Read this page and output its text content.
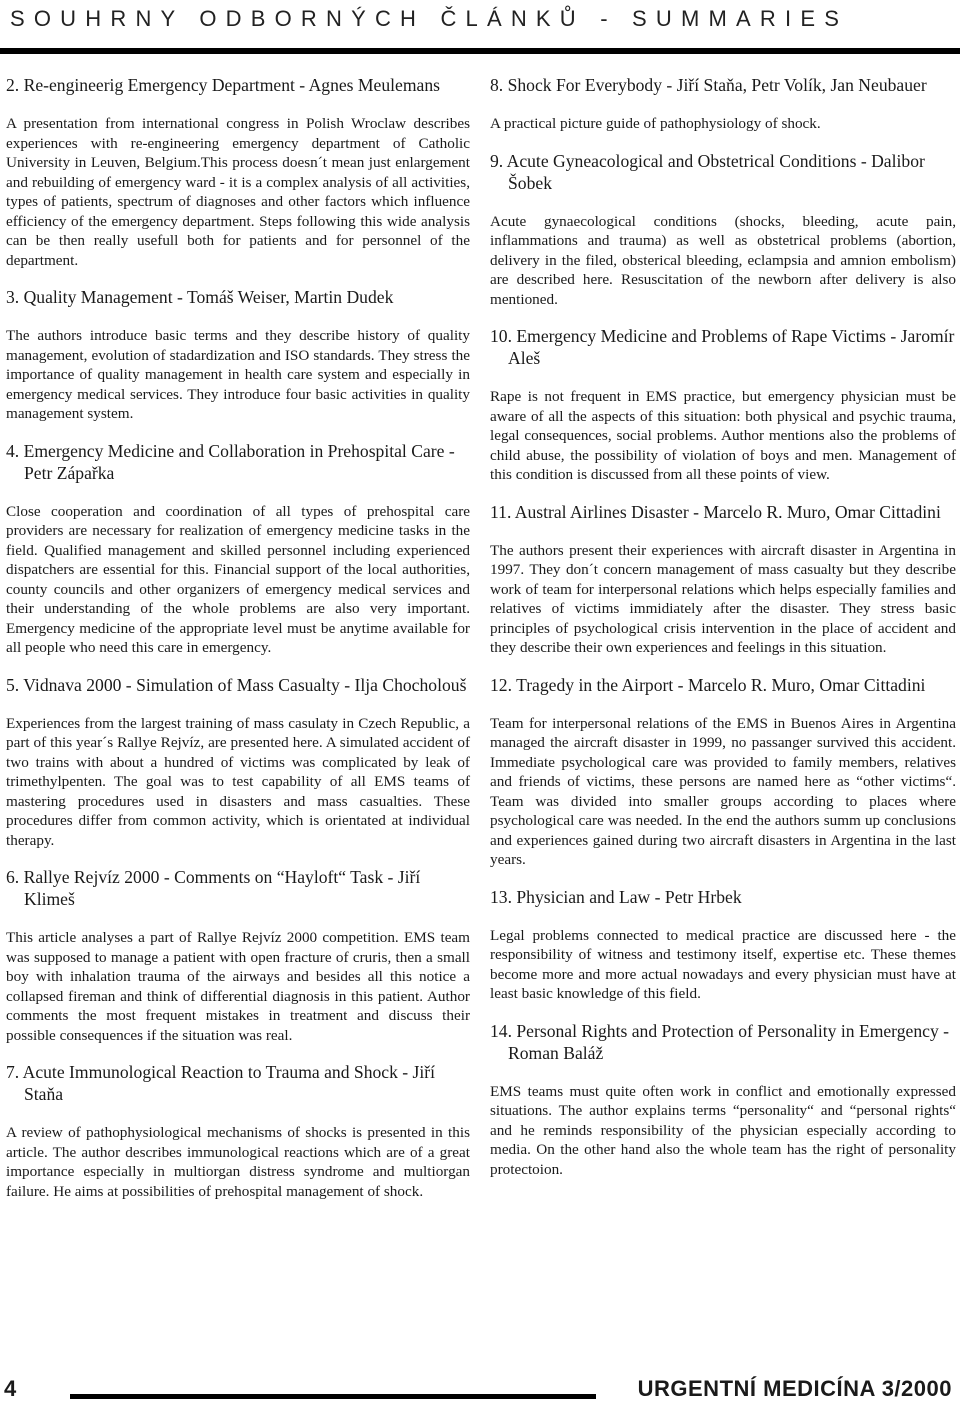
SOUHRNY ODBORNÝCH ČLÁNKŮ - SUMMARIES
2. Re-engineerig Emergency Department - Agnes Meulemans

A presentation from international congress in Polish Wroclaw describes experiences with re-engineering emergency department of Catholic University in Leuven, Belgium.This process doesn´t mean just enlargement and rebuilding of emergency ward - it is a complex analysis of all activities, types of patients, spectrum of diagnoses and other factors which influence efficiency of the emergency department. Steps following this wide analysis can be then really usefull both for patients and for personnel of the department.

3. Quality Management - Tomáš Weiser, Martin Dudek

The authors introduce basic terms and they describe history of quality management, evolution of stadardization and ISO standards. They stress the importance of quality management in health care system and especially in emergency medical services. They introduce four basic activities in quality management system.

4. Emergency Medicine and Collaboration in Prehospital Care - Petr Zápařka

Close cooperation and coordination of all types of prehospital care providers are necessary for realization of emergency medicine tasks in the field. Qualified management and skilled personnel including experienced dispatchers are essential for this. Financial support of the local authorities, county councils and other organizers of emergency medical services and their understanding of the whole problems are also very important. Emergency medicine of the appropriate level must be anytime available for all people who need this care in emergency.

5. Vidnava 2000 - Simulation of Mass Casualty - Ilja Chocholouš

Experiences from the largest training of mass casulaty in Czech Republic, a part of this year´s Rallye Rejvíz, are presented here. A simulated accident of two trains with about a hundred of victims was complicated by leak of trimethylpenten. The goal was to test capability of all EMS teams of mastering procedures used in disasters and mass casualties. These procedures differ from common activity, which is orientated at individual therapy.

6. Rallye Rejvíz 2000 - Comments on “Hayloft“ Task - Jiří Klimeš

This article analyses a part of Rallye Rejvíz 2000 competition. EMS team was supposed to manage a patient with open fracture of cruris, then a small boy with inhalation trauma of the airways and besides all this notice a collapsed fireman and think of differential diagnosis in this patient. Author comments the most frequent mistakes in treatment and discuss their possible consequences if the situation was real.

7. Acute Immunological Reaction to Trauma and Shock - Jiří Staňa

A review of pathophysiological mechanisms of shocks is presented in this article. The author describes immunological reactions which are of a great importance especially in multiorgan distress syndrome and multiorgan failure. He aims at possibilities of prehospital management of shock.

8. Shock For Everybody - Jiří Staňa, Petr Volík, Jan Neubauer

A practical picture guide of pathophysiology of shock.

9. Acute Gyneacological and Obstetrical Conditions - Dalibor Šobek

Acute gynaecological conditions (shocks, bleeding, acute pain, inflammations and trauma) as well as obstetrical problems (abortion, delivery in the filed, obsterical bleeding, eclampsia and amnion embolism) are described here. Resuscitation of the newborn after delivery is also mentioned.

10. Emergency Medicine and Problems of Rape Victims - Jaromír Aleš

Rape is not frequent in EMS practice, but emergency physician must be aware of all the aspects of this situation: both physical and psychic trauma, legal consequences, social problems. Author mentions also the problems of child abuse, the possibility of violation of boys and men. Management of this condition is discussed from all these points of view.

11. Austral Airlines Disaster - Marcelo R. Muro, Omar Cittadini

The authors present their experiences with aircraft disaster in Argentina in 1997. They don´t concern management of mass casualty but they describe work of team for interpersonal relations which helps especially families and relatives of victims immidiately after the disaster. They stress basic principles of psychological crisis intervention in the place of accident and they describe their own experiences and feelings in this situation.

12. Tragedy in the Airport - Marcelo R. Muro, Omar Cittadini

Team for interpersonal relations of the EMS in Buenos Aires in Argentina managed the aircraft disaster in 1999, no passanger survived this accident. Immediate psychological care was provided to family members, relatives and friends of victims, these persons are named here as “other victims“. Team was divided into smaller groups according to places where psychological care was needed. In the end the authors summ up conclusions and experiences gained during two aircraft disasters in Argentina in the last years.

13. Physician and Law - Petr Hrbek

Legal problems connected to medical practice are discussed here - the responsibility of witness and testimony itself, expertise etc. These themes become more and more actual nowadays and every physician must have at least basic knowledge of this field.

14. Personal Rights and Protection of Personality in Emergency - Roman Baláž

EMS teams must quite often work in conflict and emotionally expressed situations. The author explains terms “personality“ and “personal rights“ and he reminds responsibility of the physician especially according to media. On the other hand also the whole team has the right of personality protectoion.

4	URGENTNÍ MEDICÍNA 3/2000
